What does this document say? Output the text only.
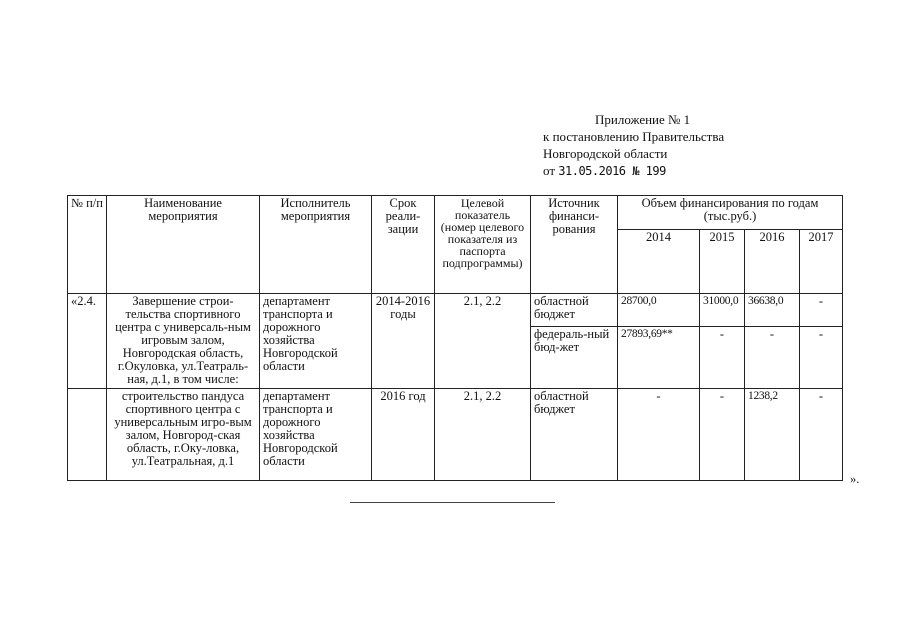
Приложение № 1
к постановлению Правительства
Новгородской области
от 31.05.2016 № 199
№ п/п	Наименование мероприятия	Исполнитель мероприятия	Срок реали-зации	Целевой показатель (номер целевого показателя из паспорта подпрограммы)	Источник финанси-рования	Объем финансирования по годам (тыс.руб.)			
						2014	2015	2016	2017
«2.4.	Завершение строи-тельства спортивного центра с универсаль-ным игровым залом, Новгородская область, г.Окуловка, ул.Театраль-ная, д.1, в том числе:	департамент транспорта и дорожного хозяйства Новгородской области	2014-2016 годы	2.1, 2.2	областной бюджет	28700,0	31000,0	36638,0	-
					федераль-ный бюд-жет	27893,69**	-	-	-
	строительство пандуса спортивного центра с универсальным игро-вым залом, Новгород-ская область, г.Оку-ловка, ул.Театральная, д.1	департамент транспорта и дорожного хозяйства Новгородской области	2016 год	2.1, 2.2	областной бюджет	-	-	1238,2	-
».
